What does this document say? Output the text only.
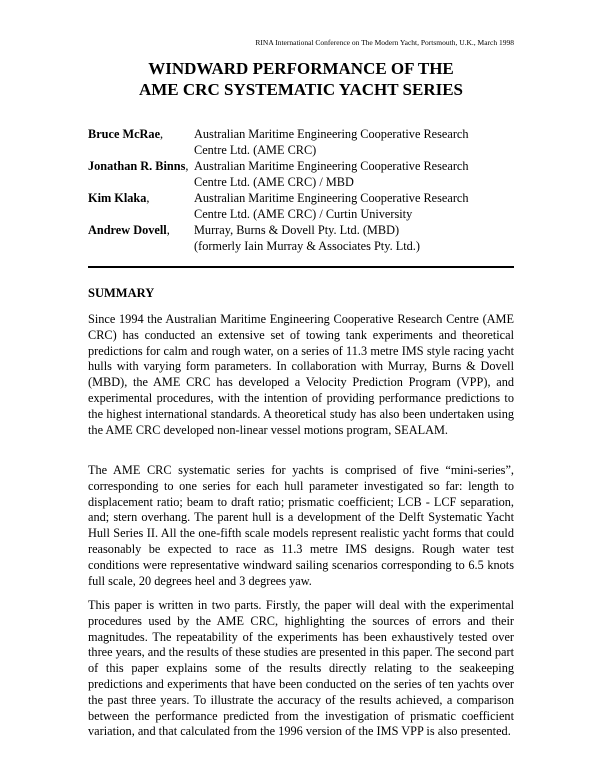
RINA International Conference on The Modern Yacht, Portsmouth, U.K., March 1998
WINDWARD PERFORMANCE OF THE
AME CRC SYSTEMATIC YACHT SERIES
Bruce McRae,	Australian Maritime Engineering Cooperative Research
Centre Ltd. (AME CRC)
Jonathan R. Binns, Australian Maritime Engineering Cooperative Research
Centre Ltd. (AME CRC) / MBD
Kim Klaka,	Australian Maritime Engineering Cooperative Research
Centre Ltd. (AME CRC) / Curtin University
Andrew Dovell,	Murray, Burns & Dovell Pty. Ltd. (MBD)
(formerly Iain Murray & Associates Pty. Ltd.)
SUMMARY

Since 1994 the Australian Maritime Engineering Cooperative Research Centre (AME CRC) has conducted an extensive set of towing tank experiments and theoretical predictions for calm and rough water, on a series of 11.3 metre IMS style racing yacht hulls with varying form parameters. In collaboration with Murray, Burns & Dovell (MBD), the AME CRC has developed a Velocity Prediction Program (VPP), and experimental procedures, with the intention of providing performance predictions to the highest international standards. A theoretical study has also been undertaken using the AME CRC developed non-linear vessel motions program, SEALAM.

The AME CRC systematic series for yachts is comprised of five “mini-series”, corresponding to one series for each hull parameter investigated so far: length to displacement ratio; beam to draft ratio; prismatic coefficient; LCB - LCF separation, and; stern overhang. The parent hull is a development of the Delft Systematic Yacht Hull Series II. All the one-fifth scale models represent realistic yacht forms that could reasonably be expected to race as 11.3 metre IMS designs. Rough water test conditions were representative windward sailing scenarios corresponding to 6.5 knots full scale, 20 degrees heel and 3 degrees yaw.

This paper is written in two parts. Firstly, the paper will deal with the experimental procedures used by the AME CRC, highlighting the sources of errors and their magnitudes. The repeatability of the experiments has been exhaustively tested over three years, and the results of these studies are presented in this paper. The second part of this paper explains some of the results directly relating to the seakeeping predictions and experiments that have been conducted on the series of ten yachts over the past three years. To illustrate the accuracy of the results achieved, a comparison between the performance predicted from the investigation of prismatic coefficient variation, and that calculated from the 1996 version of the IMS VPP is also presented.
